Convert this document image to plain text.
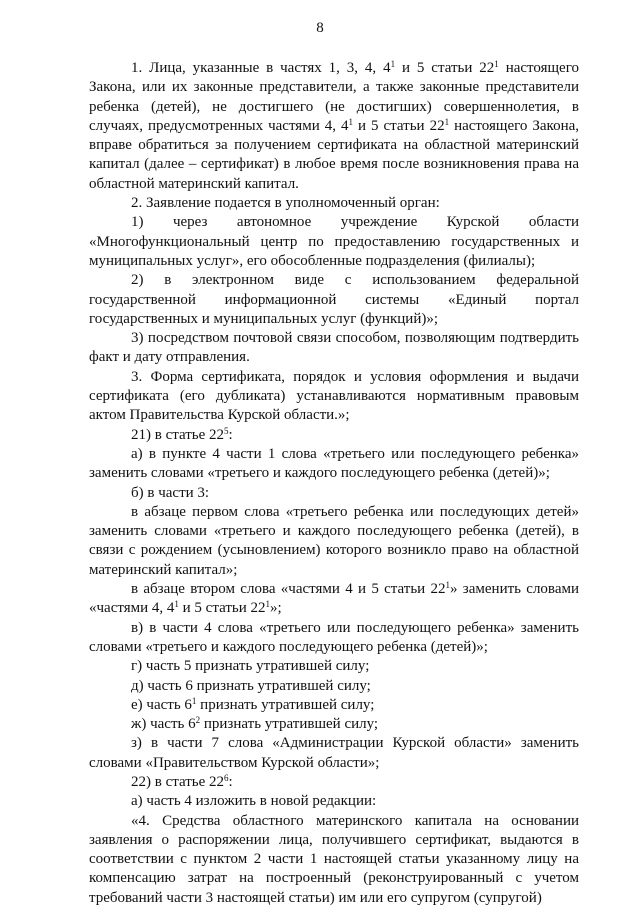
8

1. Лица, указанные в частях 1, 3, 4, $4^1$ и 5 статьи $22^1$ настоящего Закона, или их законные представители, а также законные представители ребенка (детей), не достигшего (не достигших) совершеннолетия, в случаях, предусмотренных частями 4, $4^1$ и 5 статьи $22^1$ настоящего Закона, вправе обратиться за получением сертификата на областной материнский капитал (далее – сертификат) в любое время после возникновения права на областной материнский капитал.

2. Заявление подается в уполномоченный орган:

1) через автономное учреждение Курской области «Многофункциональный центр по предоставлению государственных и муниципальных услуг», его обособленные подразделения (филиалы);

2) в электронном виде с использованием федеральной государственной информационной системы «Единый портал государственных и муниципальных услуг (функций)»;

3) посредством почтовой связи способом, позволяющим подтвердить факт и дату отправления.

3. Форма сертификата, порядок и условия оформления и выдачи сертификата (его дубликата) устанавливаются нормативным правовым актом Правительства Курской области.»;

21) в статье $22^5$:

а) в пункте 4 части 1 слова «третьего или последующего ребенка» заменить словами «третьего и каждого последующего ребенка (детей)»;

б) в части 3:

в абзаце первом слова «третьего ребенка или последующих детей» заменить словами «третьего и каждого последующего ребенка (детей), в связи с рождением (усыновлением) которого возникло право на областной материнский капитал»;

в абзаце втором слова «частями 4 и 5 статьи $22^1$» заменить словами «частями 4, $4^1$ и 5 статьи $22^1$»;

в) в части 4 слова «третьего или последующего ребенка» заменить словами «третьего и каждого последующего ребенка (детей)»;

г) часть 5 признать утратившей силу;

д) часть 6 признать утратившей силу;

е) часть $6^1$ признать утратившей силу;

ж) часть $6^2$ признать утратившей силу;

з) в части 7 слова «Администрации Курской области» заменить словами «Правительством Курской области»;

22) в статье $22^6$:

а) часть 4 изложить в новой редакции:

«4. Средства областного материнского капитала на основании заявления о распоряжении лица, получившего сертификат, выдаются в соответствии с пунктом 2 части 1 настоящей статьи указанному лицу на компенсацию затрат на построенный (реконструированный с учетом требований части 3 настоящей статьи) им или его супругом (супругой)
